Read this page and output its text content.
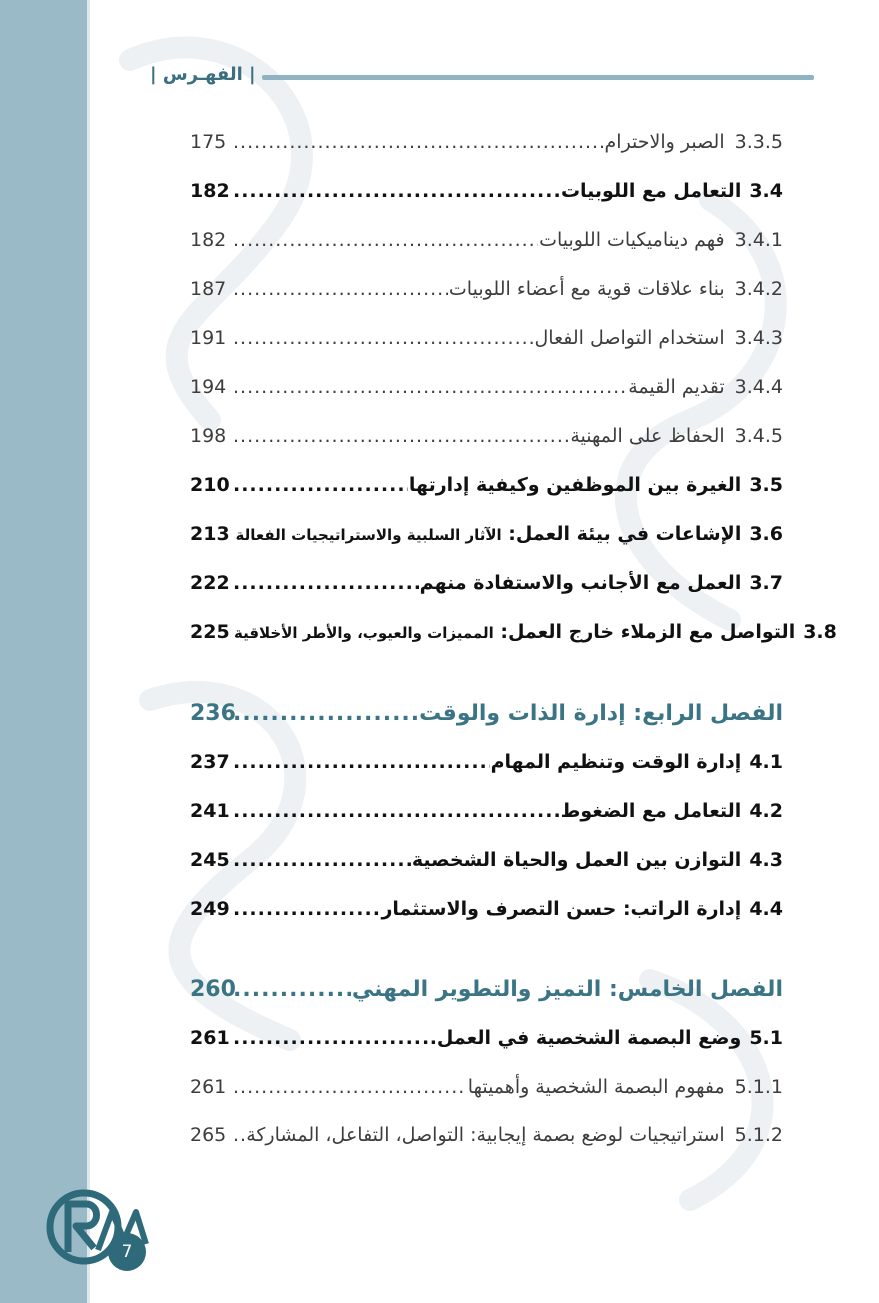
| الفهـرس |
175 .....	الصبر والاحترام 3.3.5
182 .....	التعامل مع اللوبيات 3.4
182 .....	فهم ديناميكيات اللوبيات 3.4.1
187 .....	بناء علاقات قوية مع أعضاء اللوبيات 3.4.2
191 .....	استخدام التواصل الفعال 3.4.3
194 .....	تقديم القيمة 3.4.4
198 .....	الحفاظ على المهنية 3.4.5
210 .....	الغيرة بين الموظفين وكيفية إدارتها 3.5
213 .....	الإشاعات في بيئة العمل: الآثار السلبية والاستراتيجيات الفعالة	3.6
222 .....	العمل مع الأجانب والاستفادة منهم 3.7
225	التواصل مع الزملاء خارج العمل: المميزات والعيوب، والأطر الأخلاقية	3.8
236 .....	الفصل الرابع: إدارة الذات والوقت
237 .....	إدارة الوقت وتنظيم المهام 4.1
241 .....	التعامل مع الضغوط 4.2
245 .....	التوازن بين العمل والحياة الشخصية 4.3
249 .....	إدارة الراتب: حسن التصرف والاستثمار 4.4
260 .....	الفصل الخامس: التميز والتطوير المهني
261 .....	وضع البصمة الشخصية في العمل. 5.1
261 .....	مفهوم البصمة الشخصية وأهميتها 5.1.1
265 .....	استراتيجيات لوضع بصمة إيجابية: التواصل، التفاعل، المشاركة 5.1.2
7
